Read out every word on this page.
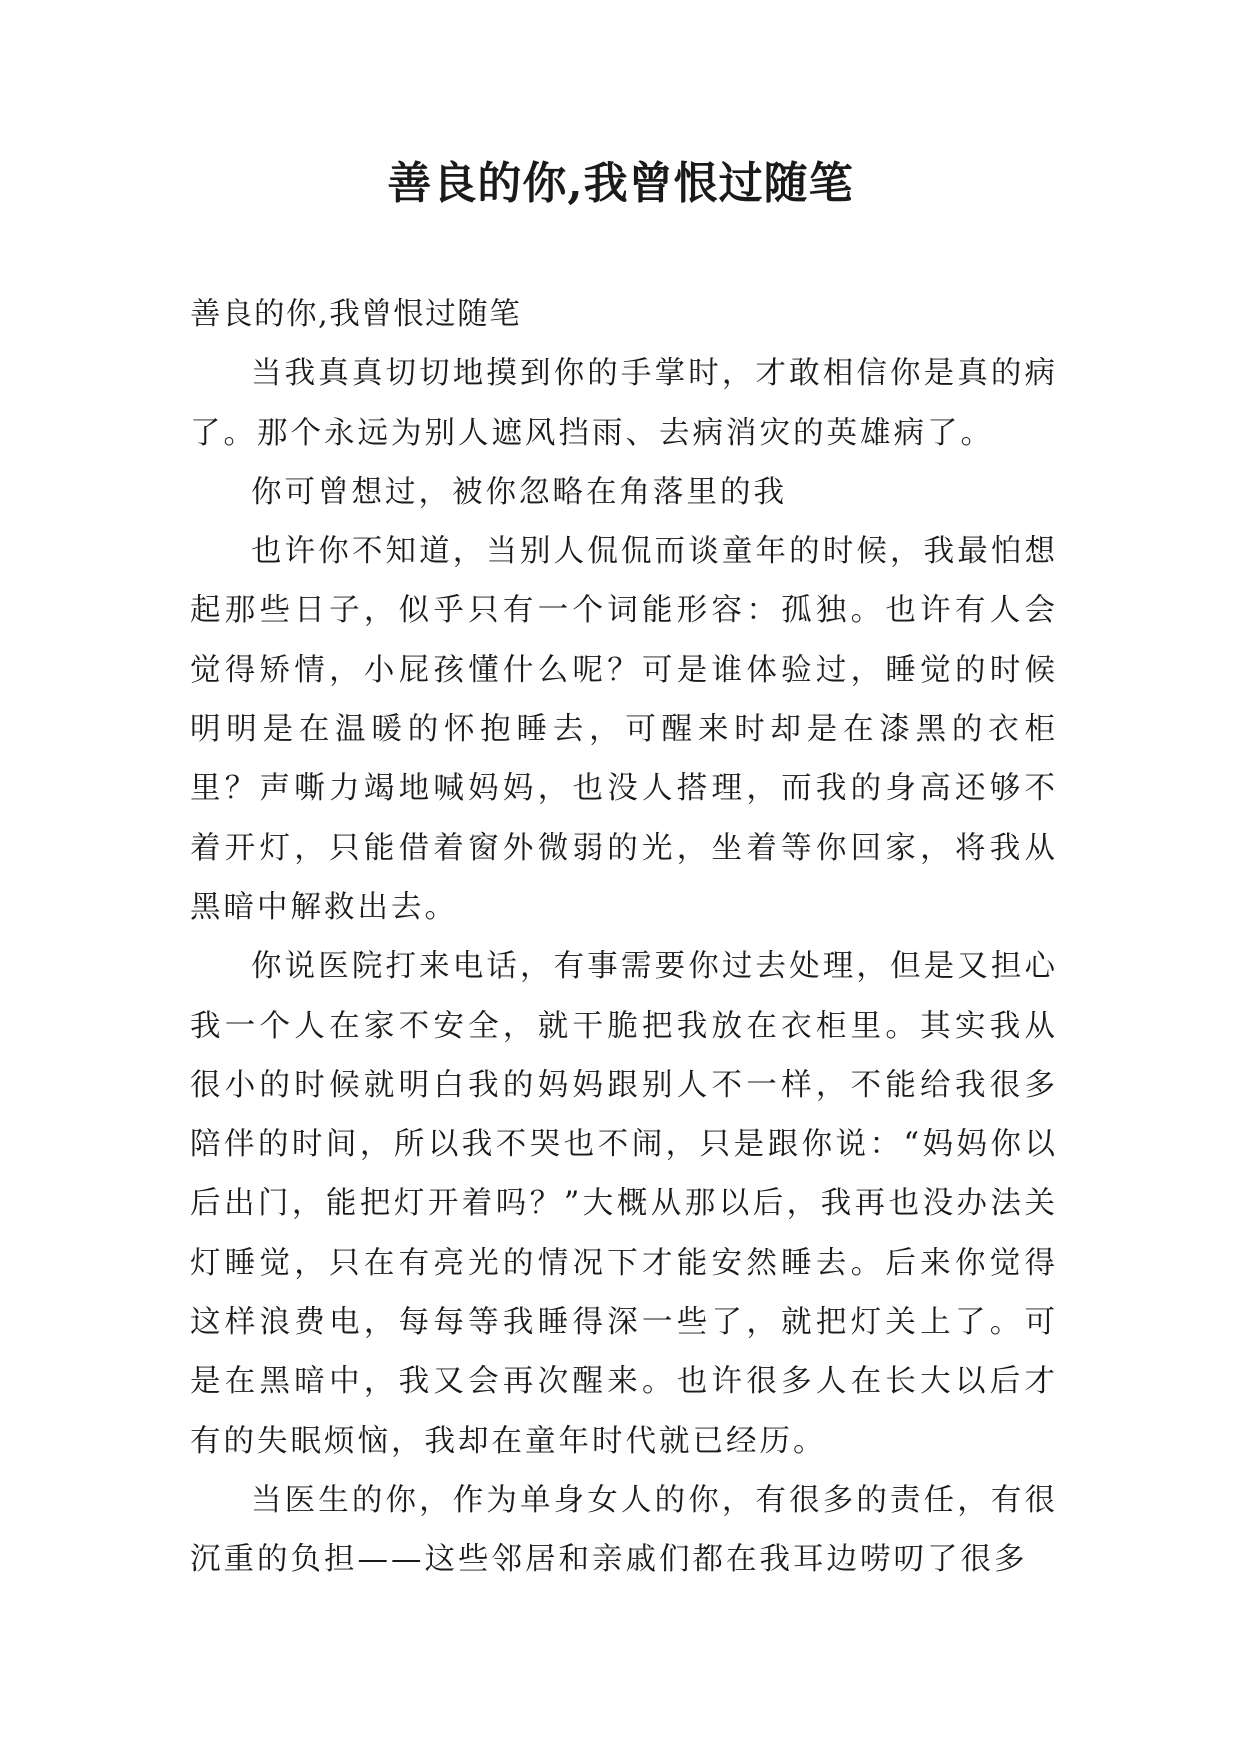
善良的你,我曾恨过随笔

善良的你,我曾恨过随笔

当我真真切切地摸到你的手掌时，才敢相信你是真的病了。那个永远为别人遮风挡雨、去病消灾的英雄病了。

你可曾想过，被你忽略在角落里的我

也许你不知道，当别人侃侃而谈童年的时候，我最怕想起那些日子，似乎只有一个词能形容：孤独。也许有人会觉得矫情，小屁孩懂什么呢？可是谁体验过，睡觉的时候明明是在温暖的怀抱睡去，可醒来时却是在漆黑的衣柜里？声嘶力竭地喊妈妈，也没人搭理，而我的身高还够不着开灯，只能借着窗外微弱的光，坐着等你回家，将我从黑暗中解救出去。

你说医院打来电话，有事需要你过去处理，但是又担心我一个人在家不安全，就干脆把我放在衣柜里。其实我从很小的时候就明白我的妈妈跟别人不一样，不能给我很多陪伴的时间，所以我不哭也不闹，只是跟你说：“妈妈你以后出门，能把灯开着吗？”大概从那以后，我再也没办法关灯睡觉，只在有亮光的情况下才能安然睡去。后来你觉得这样浪费电，每每等我睡得深一些了，就把灯关上了。可是在黑暗中，我又会再次醒来。也许很多人在长大以后才有的失眠烦恼，我却在童年时代就已经历。

当医生的你，作为单身女人的你，有很多的责任，有很沉重的负担——这些邻居和亲戚们都在我耳边唠叨了很多
